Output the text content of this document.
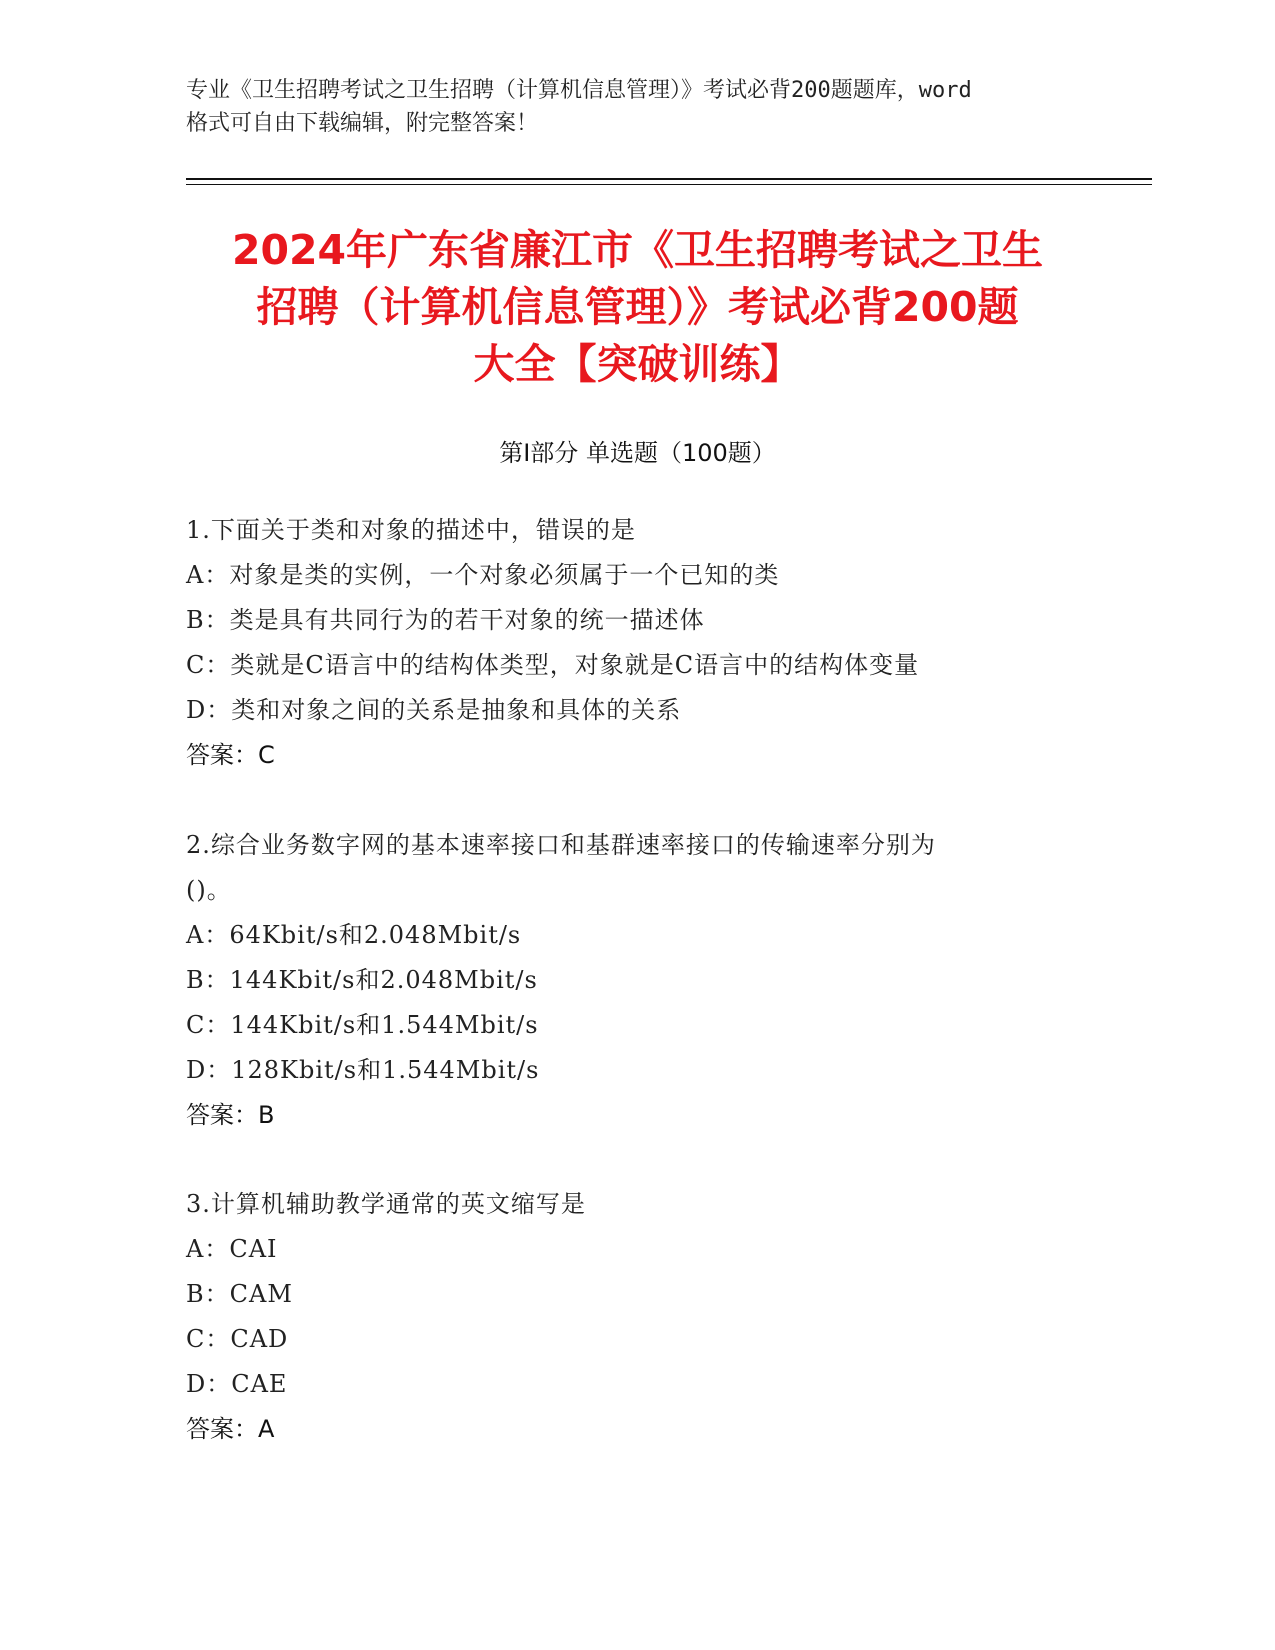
专业《卫生招聘考试之卫生招聘（计算机信息管理）》考试必背200题题库，word
格式可自由下载编辑，附完整答案！
2024年广东省廉江市《卫生招聘考试之卫生
招聘（计算机信息管理）》考试必背200题
大全【突破训练】
第Ⅰ部分 单选题（100题）
1.下面关于类和对象的描述中，错误的是
A：对象是类的实例，一个对象必须属于一个已知的类
B：类是具有共同行为的若干对象的统一描述体
C：类就是C语言中的结构体类型，对象就是C语言中的结构体变量
D：类和对象之间的关系是抽象和具体的关系
答案：C
2.综合业务数字网的基本速率接口和基群速率接口的传输速率分别为
()。
A：64Kbit/s和2.048Mbit/s
B：144Kbit/s和2.048Mbit/s
C：144Kbit/s和1.544Mbit/s
D：128Kbit/s和1.544Mbit/s
答案：B
3.计算机辅助教学通常的英文缩写是
A：CAI
B：CAM
C：CAD
D：CAE
答案：A
